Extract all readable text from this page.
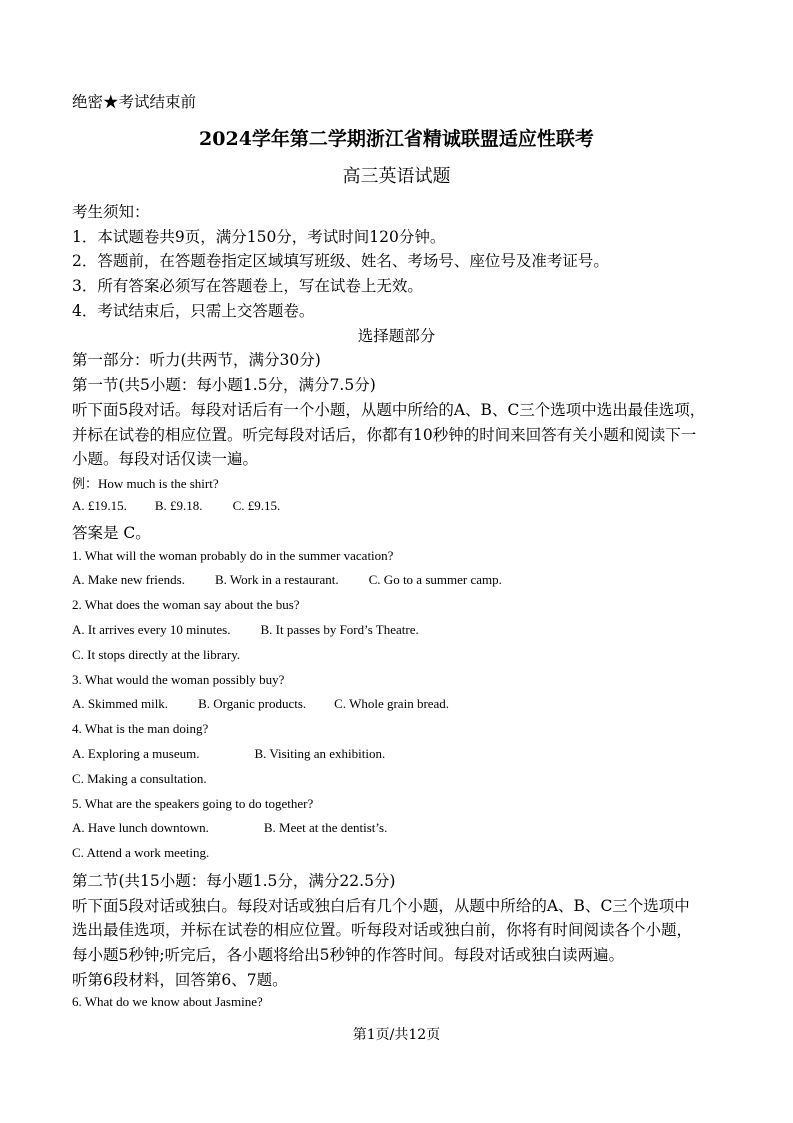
绝密★考试结束前
2024学年第二学期浙江省精诚联盟适应性联考
高三英语试题
考生须知：
1．本试题卷共9页，满分150分，考试时间120分钟。
2．答题前，在答题卷指定区域填写班级、姓名、考场号、座位号及准考证号。
3．所有答案必须写在答题卷上，写在试卷上无效。
4．考试结束后，只需上交答题卷。
选择题部分
第一部分：听力(共两节，满分30分)
第一节(共5小题：每小题1.5分，满分7.5分)
听下面5段对话。每段对话后有一个小题，从题中所给的A、B、C三个选项中选出最佳选项，
并标在试卷的相应位置。听完每段对话后，你都有10秒钟的时间来回答有关小题和阅读下一
小题。每段对话仅读一遍。
例：How much is the shirt?
A. £19.15. B. £9.18. C. £9.15.
答案是 C。
1. What will the woman probably do in the summer vacation?
A. Make new friends. B. Work in a restaurant. C. Go to a summer camp.
2. What does the woman say about the bus?
A. It arrives every 10 minutes. B. It passes by Ford’s Theatre.
C. It stops directly at the library.
3. What would the woman possibly buy?
A. Skimmed milk. B. Organic products. C. Whole grain bread.
4. What is the man doing?
A. Exploring a museum.	B. Visiting an exhibition.
C. Making a consultation.
5. What are the speakers going to do together?
A. Have lunch downtown.	B. Meet at the dentist’s.
C. Attend a work meeting.
第二节(共15小题：每小题1.5分，满分22.5分)
听下面5段对话或独白。每段对话或独白后有几个小题，从题中所给的A、B、C三个选项中
选出最佳选项，并标在试卷的相应位置。听每段对话或独白前，你将有时间阅读各个小题，
每小题5秒钟;听完后，各小题将给出5秒钟的作答时间。每段对话或独白读两遍。
听第6段材料，回答第6、7题。
6. What do we know about Jasmine?
第1页/共12页
